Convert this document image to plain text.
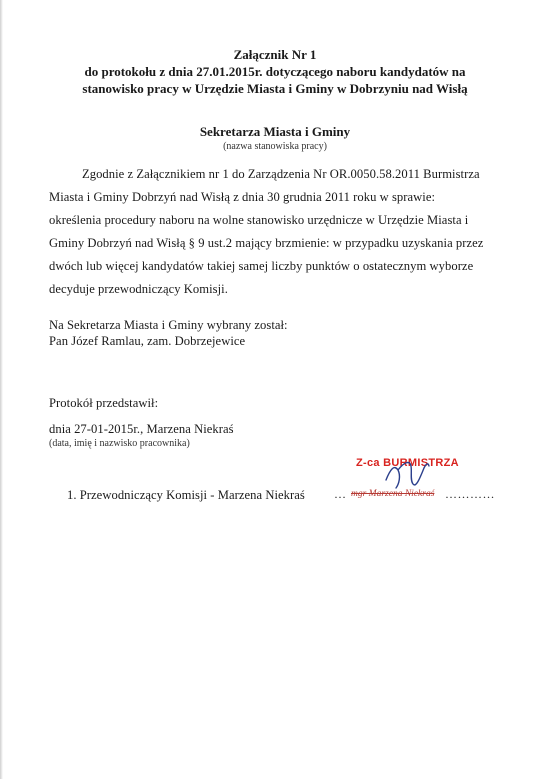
Załącznik Nr 1
do protokołu z dnia 27.01.2015r. dotyczącego naboru kandydatów na
stanowisko pracy w Urzędzie Miasta i Gminy w Dobrzyniu nad Wisłą
Sekretarza Miasta i Gminy
(nazwa stanowiska pracy)
Zgodnie z Załącznikiem nr 1 do Zarządzenia Nr OR.0050.58.2011 Burmistrza
Miasta i Gminy Dobrzyń nad Wisłą z dnia 30 grudnia 2011 roku w sprawie:
określenia procedury naboru na wolne stanowisko urzędnicze w Urzędzie Miasta i
Gminy Dobrzyń nad Wisłą § 9 ust.2 mający brzmienie: w przypadku uzyskania przez
dwóch lub więcej kandydatów takiej samej liczby punktów o ostatecznym wyborze
decyduje przewodniczący Komisji.
Na Sekretarza Miasta i Gminy wybrany został:
Pan Józef Ramlau, zam. Dobrzejewice
Protokół przedstawił:
dnia 27-01-2015r., Marzena Niekraś
(data, imię i nazwisko pracownika)
Z-ca BURMISTRZA
1. Przewodniczący Komisji - Marzena Niekraś … mgr Marzena Niekraś …………
